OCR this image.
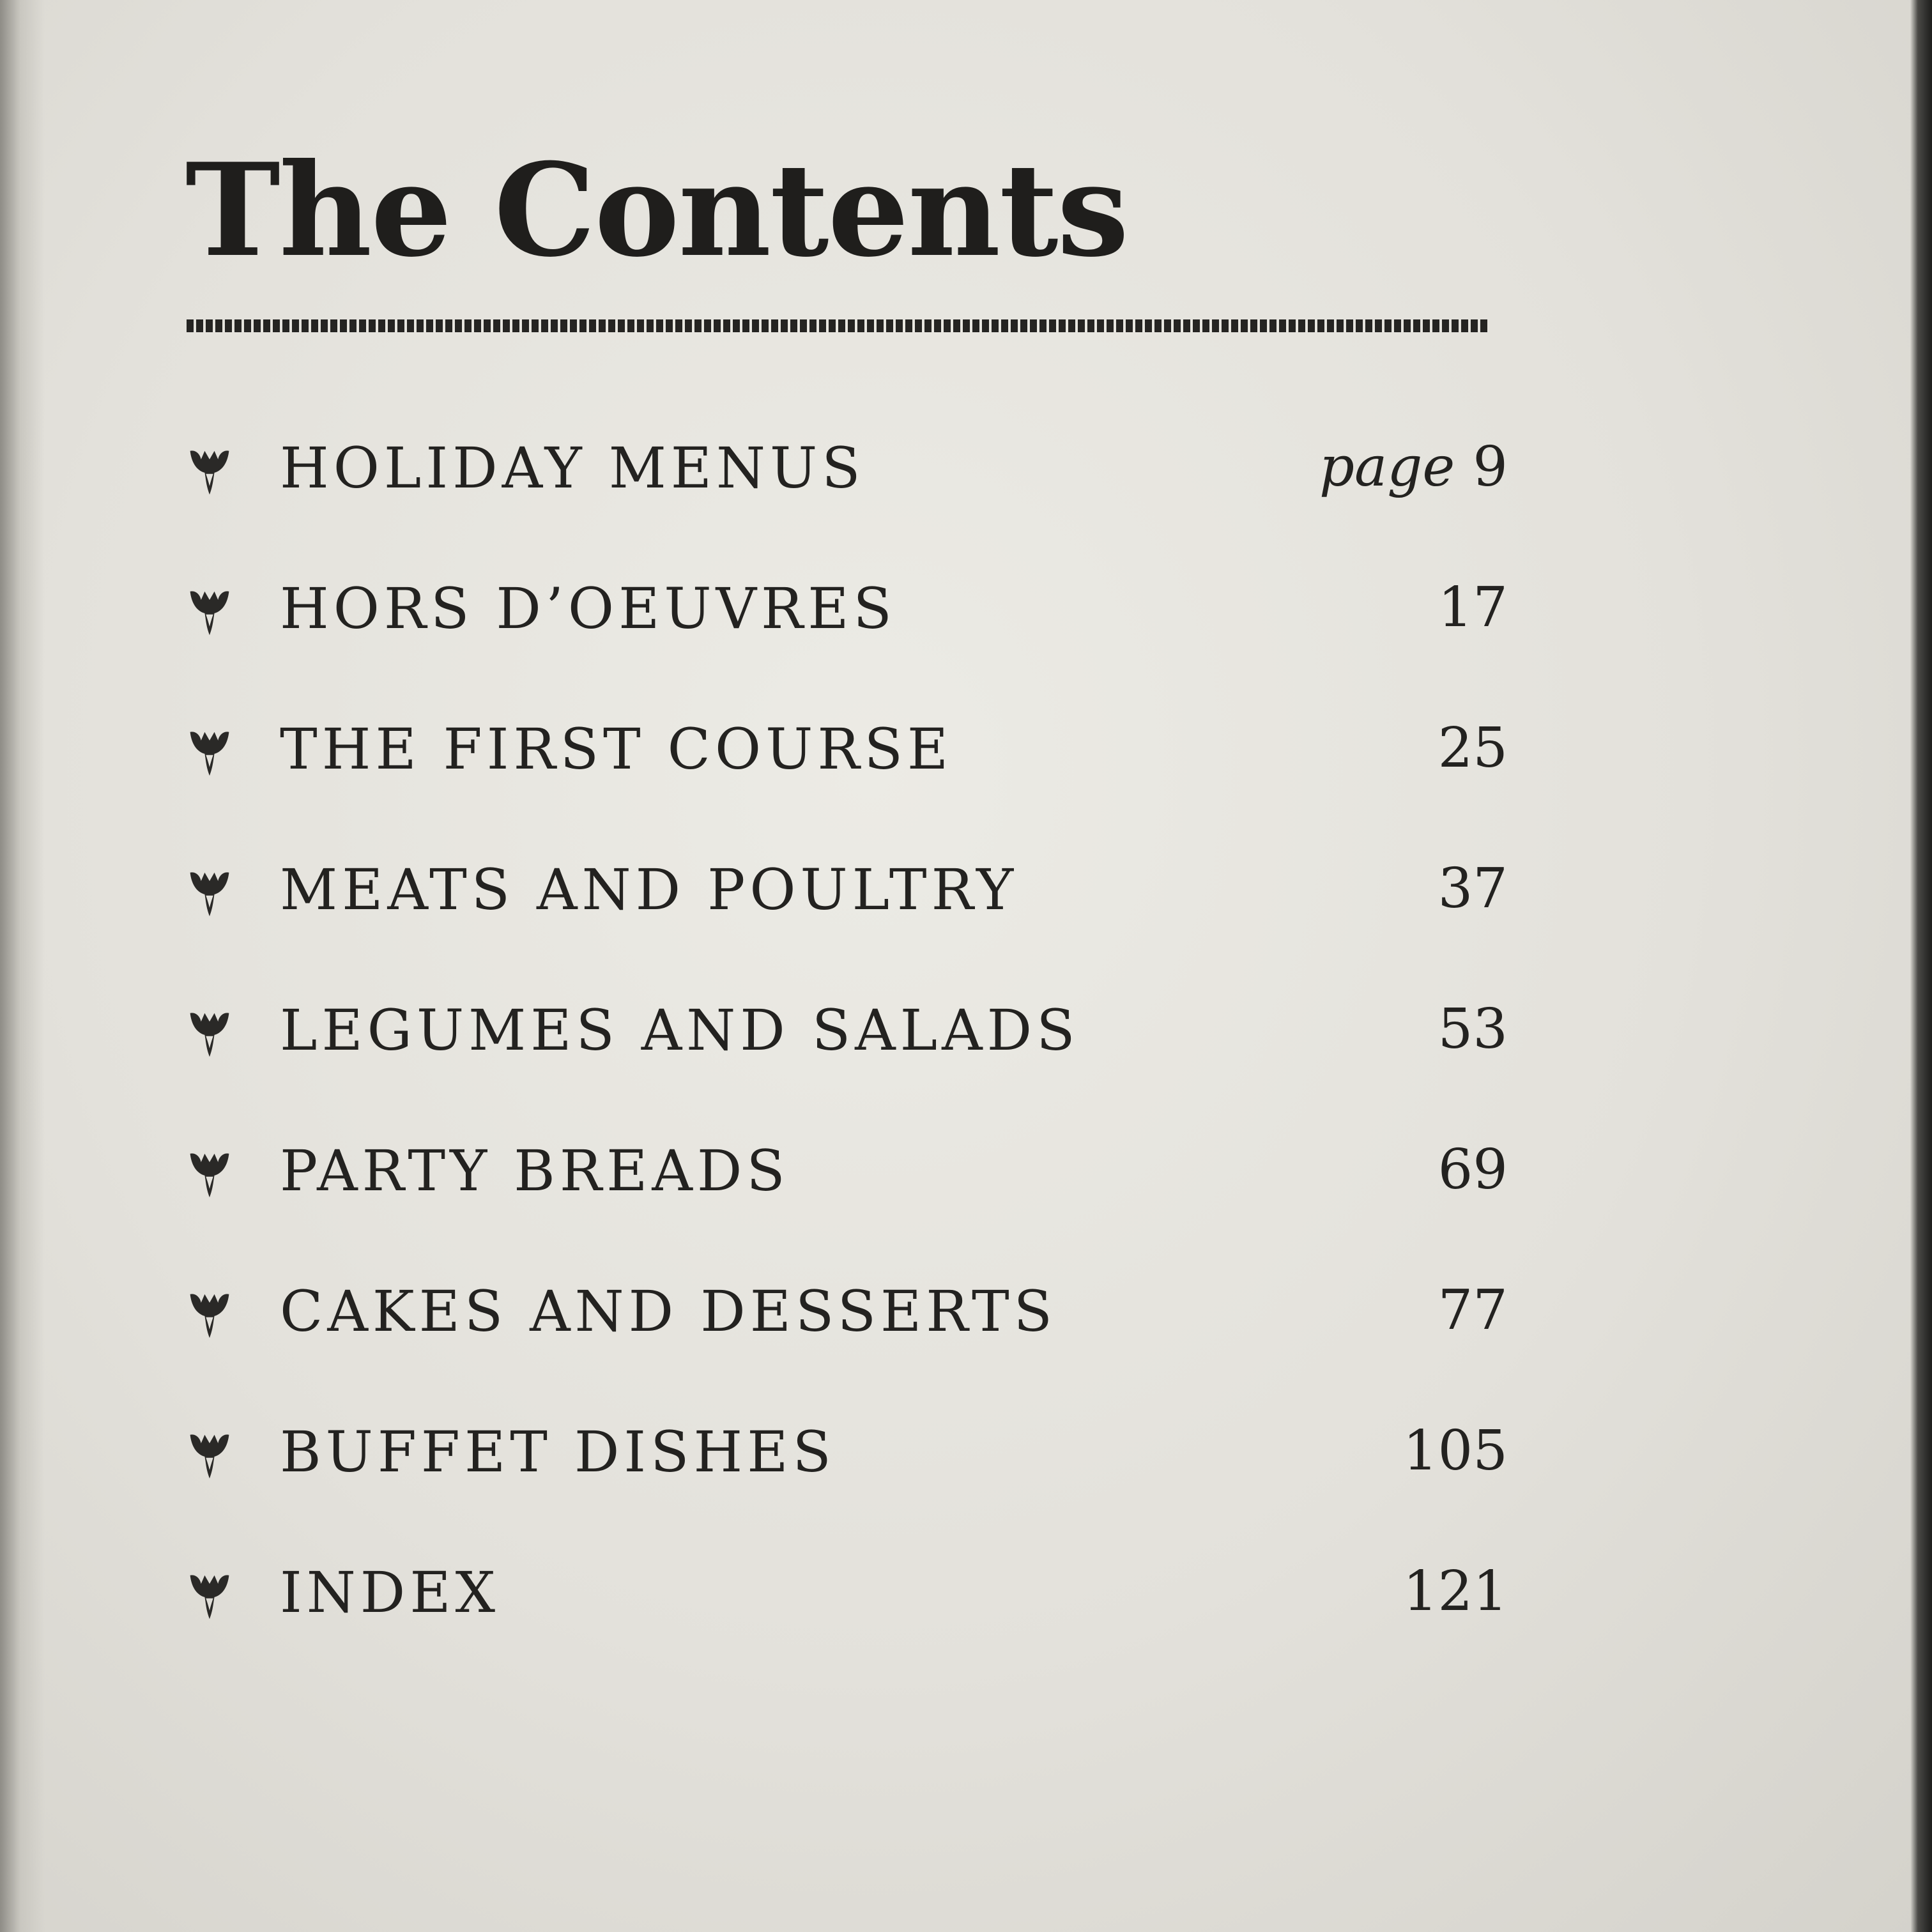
The Contents
HOLIDAY MENUS	page 9
HORS D’OEUVRES	17
THE FIRST COURSE	25
MEATS AND POULTRY	37
LEGUMES AND SALADS	53
PARTY BREADS	69
CAKES AND DESSERTS	77
BUFFET DISHES	105
INDEX	121
